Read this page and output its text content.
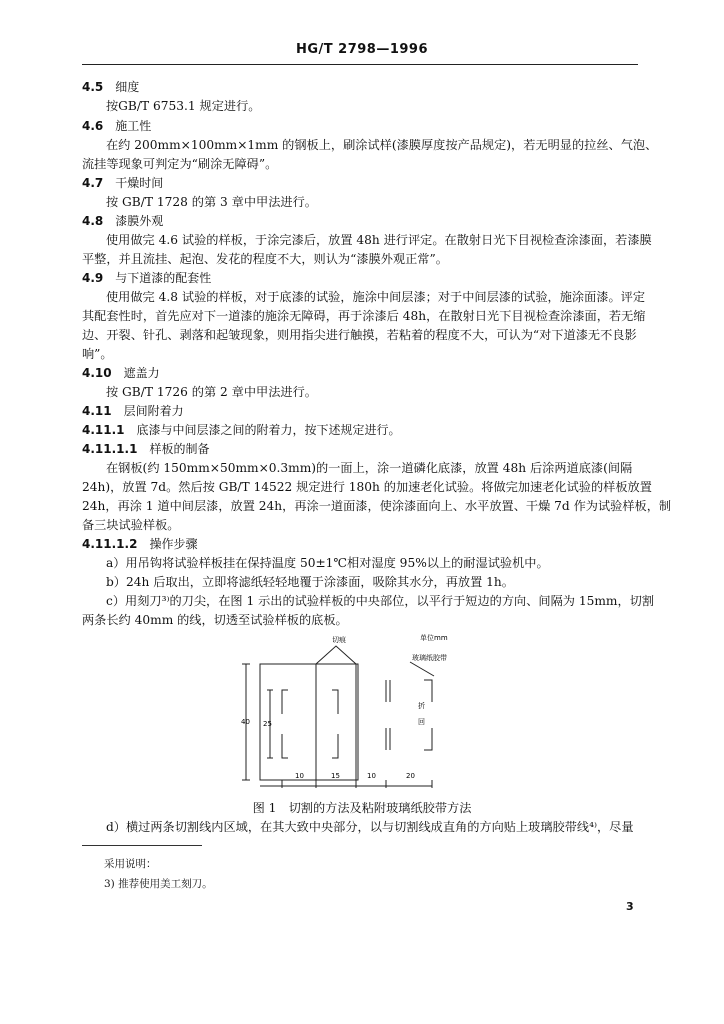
HG/T 2798—1996
4.5 细度
按GB/T 6753.1 规定进行。
4.6 施工性
在约 200mm×100mm×1mm 的钢板上，刷涂试样(漆膜厚度按产品规定)，若无明显的拉丝、气泡、
流挂等现象可判定为“刷涂无障碍”。
4.7 干燥时间
按 GB/T 1728 的第 3 章中甲法进行。
4.8 漆膜外观
使用做完 4.6 试验的样板，于涂完漆后，放置 48h 进行评定。在散射日光下目视检查涂漆面，若漆膜
平整，并且流挂、起泡、发花的程度不大，则认为“漆膜外观正常”。
4.9 与下道漆的配套性
使用做完 4.8 试验的样板，对于底漆的试验，施涂中间层漆；对于中间层漆的试验，施涂面漆。评定
其配套性时，首先应对下一道漆的施涂无障碍，再于涂漆后 48h，在散射日光下目视检查涂漆面，若无缩
边、开裂、针孔、剥落和起皱现象，则用指尖进行触摸，若粘着的程度不大，可认为“对下道漆无不良影
响”。
4.10 遮盖力
按 GB/T 1726 的第 2 章中甲法进行。
4.11 层间附着力
4.11.1 底漆与中间层漆之间的附着力，按下述规定进行。
4.11.1.1 样板的制备
在钢板(约 150mm×50mm×0.3mm)的一面上，涂一道磷化底漆，放置 48h 后涂两道底漆(间隔
24h)，放置 7d。然后按 GB/T 14522 规定进行 180h 的加速老化试验。将做完加速老化试验的样板放置
24h，再涂 1 道中间层漆，放置 24h，再涂一道面漆，使涂漆面向上、水平放置、干燥 7d 作为试验样板，制
备三块试验样板。
4.11.1.2 操作步骤
a）用吊钩将试验样板挂在保持温度 50±1℃相对湿度 95%以上的耐湿试验机中。
b）24h 后取出，立即将滤纸轻轻地覆于涂漆面，吸除其水分，再放置 1h。
c）用刻刀³⁾的刀尖，在图 1 示出的试验样板的中央部位，以平行于短边的方向、间隔为 15mm，切割
两条长约 40mm 的线，切透至试验样板的底板。
切痕	单位mm
玻璃纸胶带
折
回
40 25
10	15	10	20
图 1　切割的方法及粘附玻璃纸胶带方法
d）横过两条切割线内区域，在其大致中央部分，以与切割线成直角的方向贴上玻璃胶带线⁴⁾，尽量
采用说明：
3) 推荐使用美工刻刀。
3
